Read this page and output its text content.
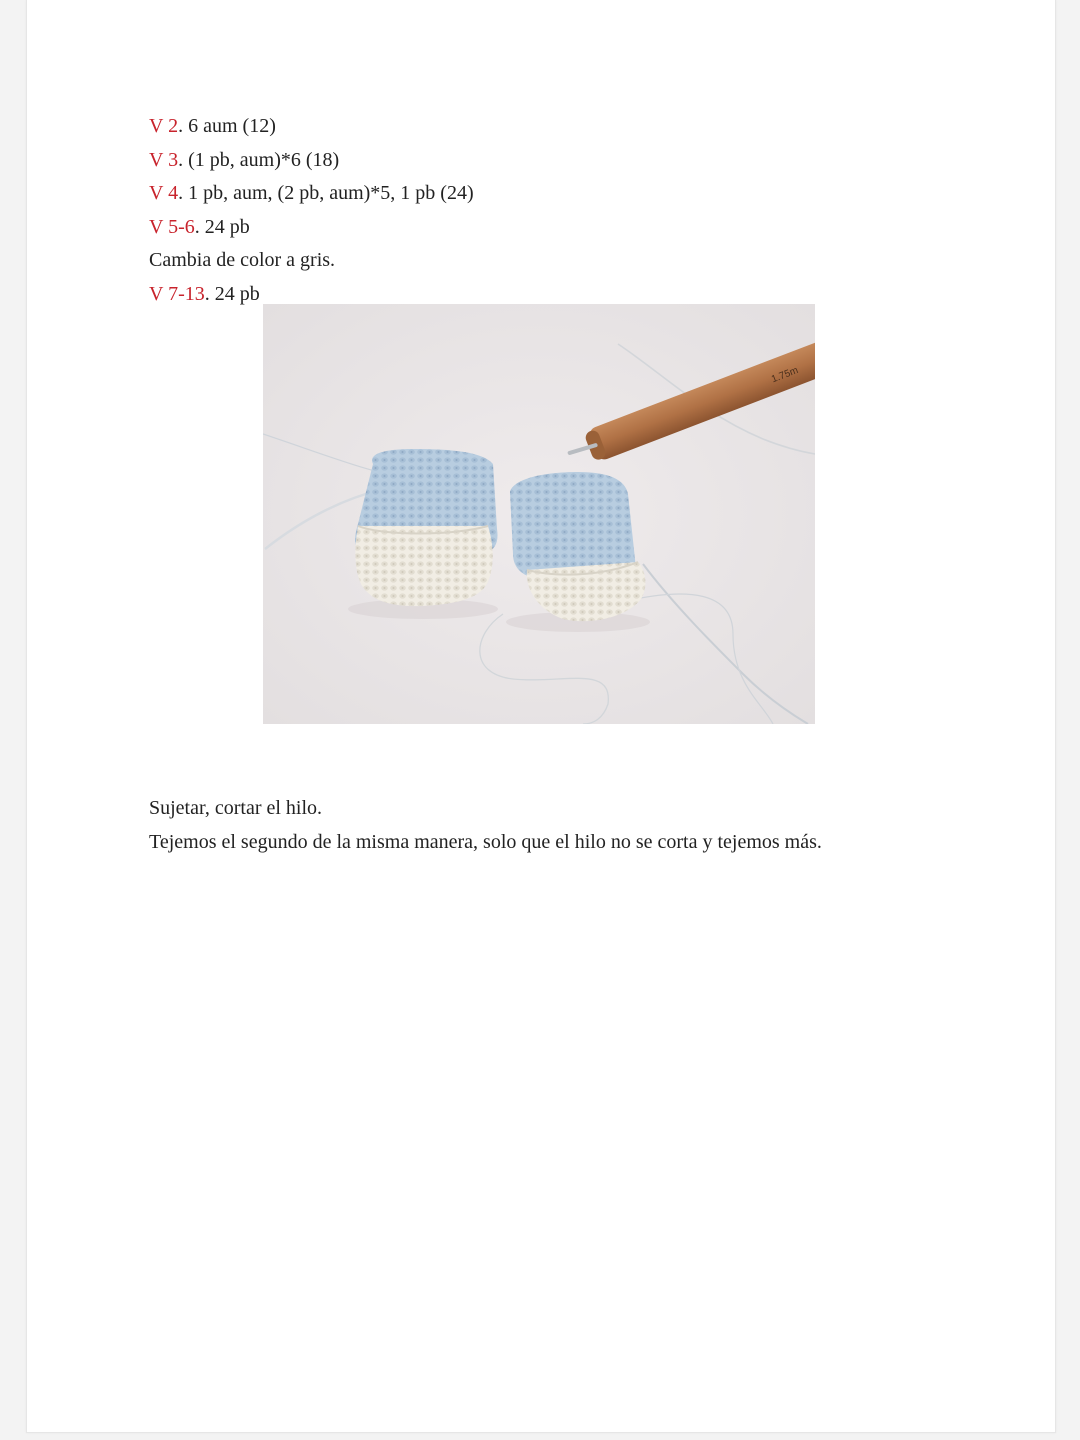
V 2. 6 aum (12)
V 3. (1 pb, aum)*6 (18)
V 4. 1 pb, aum, (2 pb, aum)*5, 1 pb (24)
V 5-6. 24 pb
Cambia de color a gris.
V 7-13. 24 pb
1.75m
Sujetar, cortar el hilo.
Tejemos el segundo de la misma manera, solo que el hilo no se corta y tejemos más.
